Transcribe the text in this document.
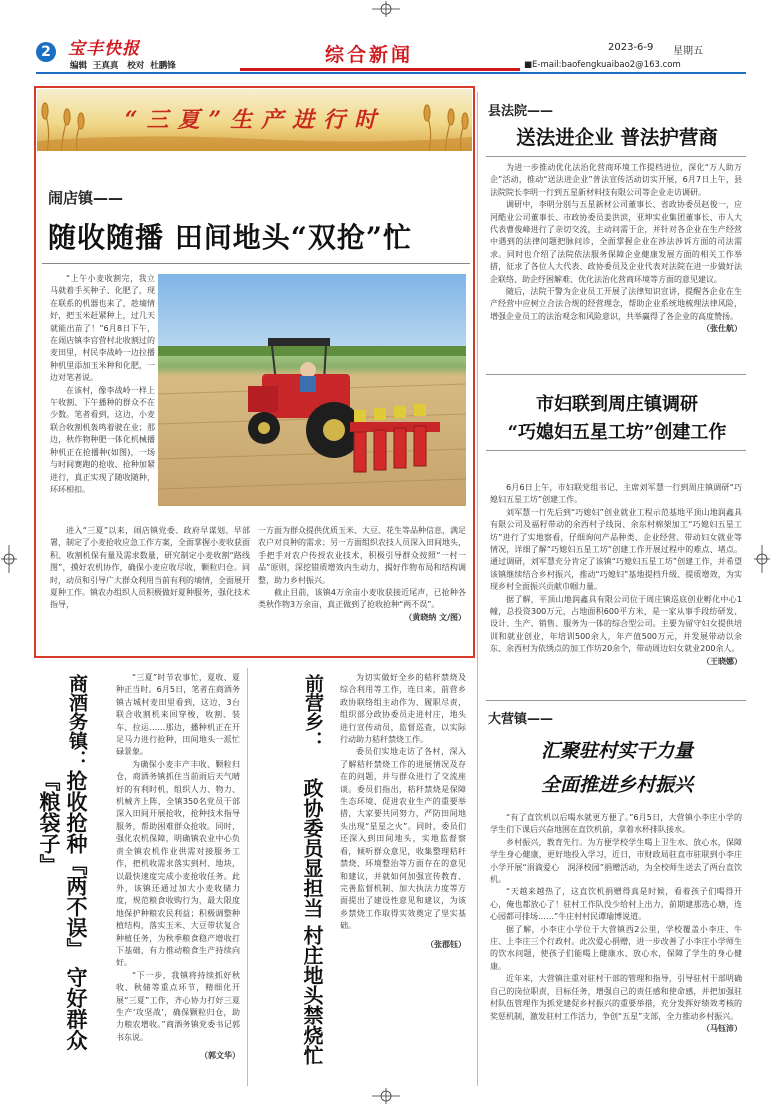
2	宝丰快报
编辑  王真真   校对  杜鹏锋	综合新闻	2023-6-9 星期五
■E-mail:baofengkuaibao2@163.com
“三夏”生产进行时
闹店镇——
随收随播 田间地头“双抢”忙

“上午小麦收割完，我立马就着手买种子、化肥了，现在联系的机器也来了，趁墒情好，把玉米赶紧种上，过几天就能出苗了！”6月8日下午，在闹店镇李官营村北收割过的麦田里，村民李战岭一边拉播种机里添加玉米种和化肥，一边对笔者说。

在该村，像李战岭一样上午收割、下午播种的群众不在少数。笔者看到，这边，小麦联合收割机轰鸣着驶在业；那边，秋作物种肥一体化机械播种机正在抢播种(如图)，一场与时间赛跑的抢收、抢种加紧进行，真正实现了随收随种，环环相扣。

进入“三夏”以来，闹店镇党委、政府早谋划、早部署，制定了小麦抢收应急工作方案，全面掌握小麦收获面积、收割机保有量及需求数量，研究制定小麦收割“路线图”，摸好农机协作，确保小麦应收尽收，颗粒归仓。同时，动员和引导广大群众利用当前有利的墒情，全面展开夏种工作。镇农办组织人员积极做好夏种服务，强化技术指导，

一方面为群众提供优质玉米、大豆、花生等品种信息，满足农户对良种的需求；另一方面组织农技人员深入田间地头，手把手对农户传授农业技术，积极引导群众按照“一村一品”原则，深挖错质增效内生动力，揭好作物布局和结构调整，助力乡村振兴。

截止目前，该镇4万余亩小麦收获接近尾声，已抢种各类秋作物3万余亩，真正做到了抢收抢种“两不误”。

（黄晓纳 文/图）
商酒务镇：
抢收抢种『两不误』 守好群众『粮袋子』

“三夏”时节农事忙，夏收、夏种正当时。6月5日，笔者在商酒务镇古城村麦田里看到，这边，3台联合收割机来回穿梭，收割、装车、拉运……那边，播种机正在开足马力进行抢种，田间地头一派忙碌景象。

为确保小麦丰产丰收、颗粒归仓，商酒务镇抓住当前雨后天气晴好的有利时机，组织人力、物力、机械齐上阵，全镇350名党员干部深入田间开展抢收，抢种技术指导服务，帮助困难群众抢收。同时，强化农机保障，明确镇农业中心负责全镇农机作业供需对接服务工作，把机收需求落实到村、地块，以最快速度完成小麦抢收任务。此外，该镇还通过加大小麦收储力度，规范粮食收购行为，最大限度地保护种粮农民利益；积极调整种植结构，落实玉米、大豆带状复合种植任务，为秋季粮食稳产增收打下基础，有力推动粮食生产持续向好。

“下一步，我镇将持续抓好秋收、秋储等重点环节，精细化开展“三夏”工作，齐心协力打好三夏生产‘攻坚战’，确保颗粒归仓，助力粮农增收。”商酒务镇党委书记郭书东说。

（郭文华）
前营乡：
政协委员显担当 村庄地头禁烧忙

为切实做好全乡的秸秆禁烧及综合利用等工作，连日来，前营乡政协联络组主动作为、履职尽责，组织部分政协委员走进村庄，地头进行宣传动员，监督巡查，以实际行动助力秸秆禁烧工作。

委员们实地走访了各村，深入了解秸秆禁烧工作的进展情况及存在的问题，并与群众进行了交流座谈。委员们指出，秸秆禁烧是保障生态环境、促进农业生产的重要举措，大家要共同努力，严防田间地头出现“星星之火”。同时，委员们还深入到田间地头，实地监督察看，倾听群众意见，收集整理秸秆禁烧、环境整治等方面存在的意见和建议，并就如何加强宣传教育、完善监督机制、加大执法力度等方面提出了建设性意见和建议，为该乡禁烧工作取得实效奠定了坚实基础。

（张郡钰）
县法院——
送法进企业 普法护营商

为进一步推动优化法治化营商环境工作提档进位，深化“万人助万企”活动，推动“送法进企业”普法宣传活动切实开展，6月7日上午，县法院院长李明一行到五星新材料技有限公司等企业走访调研。

调研中，李明分别与五星新材公司董事长、省政协委员赵俊一，应河酷业公司董事长、市政协委员姜洪滨，亚坤实业集团董事长、市人大代表曹俊峰进行了亲切交流，主动问需于企，并针对各企业在生产经营中遇到的法律问题把脉问诊，全面掌握企业在涉法涉诉方面的司法需求。同时也介绍了法院依法服务保障企业健康发展方面的相关工作举措，征求了各位人大代表、政协委员及企业代表对法院在进一步做好法企联络、助企纾困解难、优化法治化营商环境等方面的意见建议。

随后，法院干警为企业员工开展了法律知识宣讲，提醒各企业在生产经营中应树立合法合规的经营理念，帮助企业系统地梳理法律风险，增强企业员工的法治观念和风险意识，共举赢得了各企业的高度赞扬。

（张仕航）
市妇联到周庄镇调研
“巧媳妇五星工坊”创建工作

6月6日上午，市妇联党组书记、主席刘军慧一行到周庄镇调研“巧媳妇五星工坊”创建工作。

刘军慧一行先后到“巧媳妇”创业就业工程示范基地平顶山地润鑫具有限公司及福籽带动的余西村子线岗、余东村棉架加工“巧媳妇五星工坊”进行了实地察看，仔细询问产品种类、企业经营、带动妇女就业等情况，详细了解“巧媳妇五星工坊”创建工作开展过程中的难点、堵点。通过调研，刘军慧充分肯定了该镇“巧媳妇五星工坊”创建工作，并希望该镇继续结合乡村振兴，推动“巧媳妇”基地提档升级、提质增效，为实现乡村全面振兴贡献巾帼力量。

据了解，平顶山地润鑫具有限公司位于周庄镇巡底创业孵化中心1幢，总投资300万元，占地面积600平方米，是一家从事手段纺研发、设计、生产、销售、服务为一体的综合型公司。主要为留守妇女提供培训和就业创业，年培训500余人，年产值500万元，并发展带动以余东、余西村为依绣点的加工作坊20余个，带动周边妇女就业200余人。

（王晓娜）
大营镇——
汇聚驻村实干力量
全面推进乡村振兴

“有了直饮机以后喝水就更方便了。”6月5日，大营镇小李庄小学的学生们下课后兴奋地围在直饮机前，拿着水杯排队接水。

乡村振兴，教育先行。为方便学校学生喝上卫生水、放心水，保障学生身心健康，更好地投入学习，近日，市财政局驻直市驻联到小李庄小学开展“涓滴爱心　润泽校园”捐赠活动，为全校师生送去了两台直饮机。

“天越来越热了，这直饮机捐赠得真是时候，看着孩子们喝得开心，俺也都放心了！驻村工作队没少给村上出力，前期建那选心塘，连心园都可排场……”牛庄村村民谭瑜博说道。

据了解，小李庄小学位于大营镇西2公里，学校覆盖小李庄、牛庄、上李庄三个行政村。此次爱心捐赠，进一步改善了小李庄小学师生的饮水问题，使孩子们能喝上健康水、放心水，保障了学生的身心健康。

近年来，大营镇注重对驻村干部的管理和指导，引导驻村干部明确自己的岗位职责，目标任务，增强自己的责任感和使命感，并把加强驻村队伍管理作为抓党建促乡村振兴的重要举措，充分发挥好绩效考核的奖惩机制，激发驻村工作活力，争创“五星”支部，全力推动乡村振兴。

（马钰沛）
